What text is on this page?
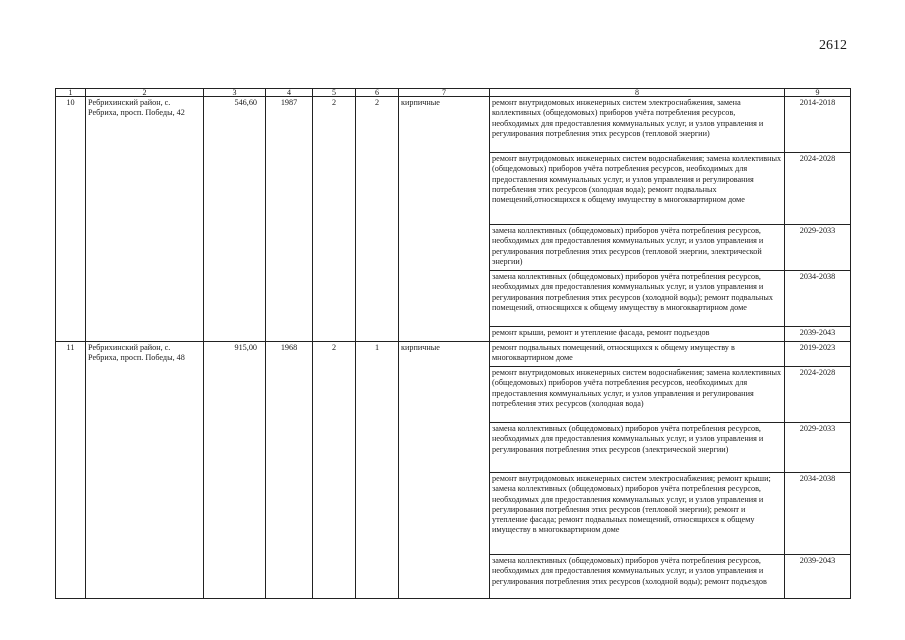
2612
1	2	3	4	5	6	7	8	9
10	Ребрихинский район, с. Ребриха, просп. Победы, 42	546,60	1987	2	2	кирпичные	ремонт внутридомовых инженерных систем электроснабжения, замена коллективных (общедомовых) приборов учёта потребления ресурсов, необходимых для предоставления коммунальных услуг, и узлов управления и регулирования потребления этих ресурсов (тепловой энергии)	2014-2018
							ремонт внутридомовых инженерных систем водоснабжения; замена коллективных (общедомовых) приборов учёта потребления ресурсов, необходимых для предоставления коммунальных услуг, и узлов управления и регулирования потребления этих ресурсов (холодная вода); ремонт подвальных помещений,относящихся к общему имуществу в многоквартирном доме	2024-2028
							замена коллективных (общедомовых) приборов учёта потребления ресурсов, необходимых для предоставления коммунальных услуг, и узлов управления и регулирования потребления этих ресурсов (тепловой энергии, электрической энергии)	2029-2033
							замена коллективных (общедомовых) приборов учёта потребления ресурсов, необходимых для предоставления коммунальных услуг, и узлов управления и регулирования потребления этих ресурсов (холодной воды); ремонт подвальных помещений, относящихся к общему имуществу в многоквартирном доме	2034-2038
							ремонт крыши, ремонт и утепление фасада, ремонт подъездов	2039-2043
11	Ребрихинский район, с. Ребриха, просп. Победы, 48	915,00	1968	2	1	кирпичные	ремонт подвальных помещений, относящихся к общему имуществу в многоквартирном доме	2019-2023
							ремонт внутридомовых инженерных систем водоснабжения; замена коллективных (общедомовых) приборов учёта потребления ресурсов, необходимых для предоставления коммунальных услуг, и узлов управления и регулирования потребления этих ресурсов (холодная вода)	2024-2028
							замена коллективных (общедомовых) приборов учёта потребления ресурсов, необходимых для предоставления коммунальных услуг, и узлов управления и регулирования потребления этих ресурсов (электрической энергии)	2029-2033
							ремонт внутридомовых инженерных систем электроснабжения; ремонт крыши; замена коллективных (общедомовых) приборов учёта потребления ресурсов, необходимых для предоставления коммунальных услуг, и узлов управления и регулирования потребления этих ресурсов (тепловой энергии); ремонт и утепление фасада; ремонт подвальных помещений, относящихся к общему имуществу в многоквартирном доме	2034-2038
							замена коллективных (общедомовых) приборов учёта потребления ресурсов, необходимых для предоставления коммунальных услуг, и узлов управления и регулирования потребления этих ресурсов (холодной воды); ремонт подъездов	2039-2043
